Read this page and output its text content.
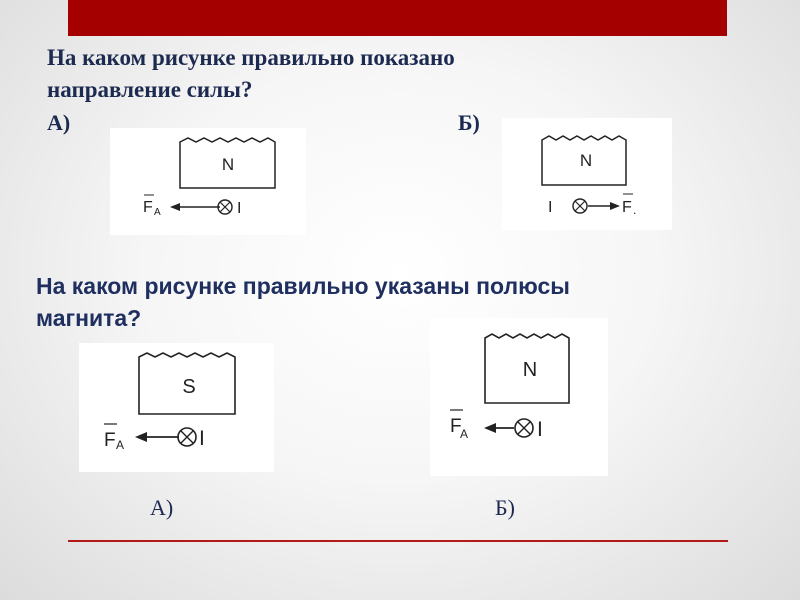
На каком рисунке правильно показано
направление силы?
А)	Б)
N
F A	I
N
I	F .
На каком рисунке правильно указаны полюсы
магнита?
S
F A	I
N
F
A	I
А)	Б)
